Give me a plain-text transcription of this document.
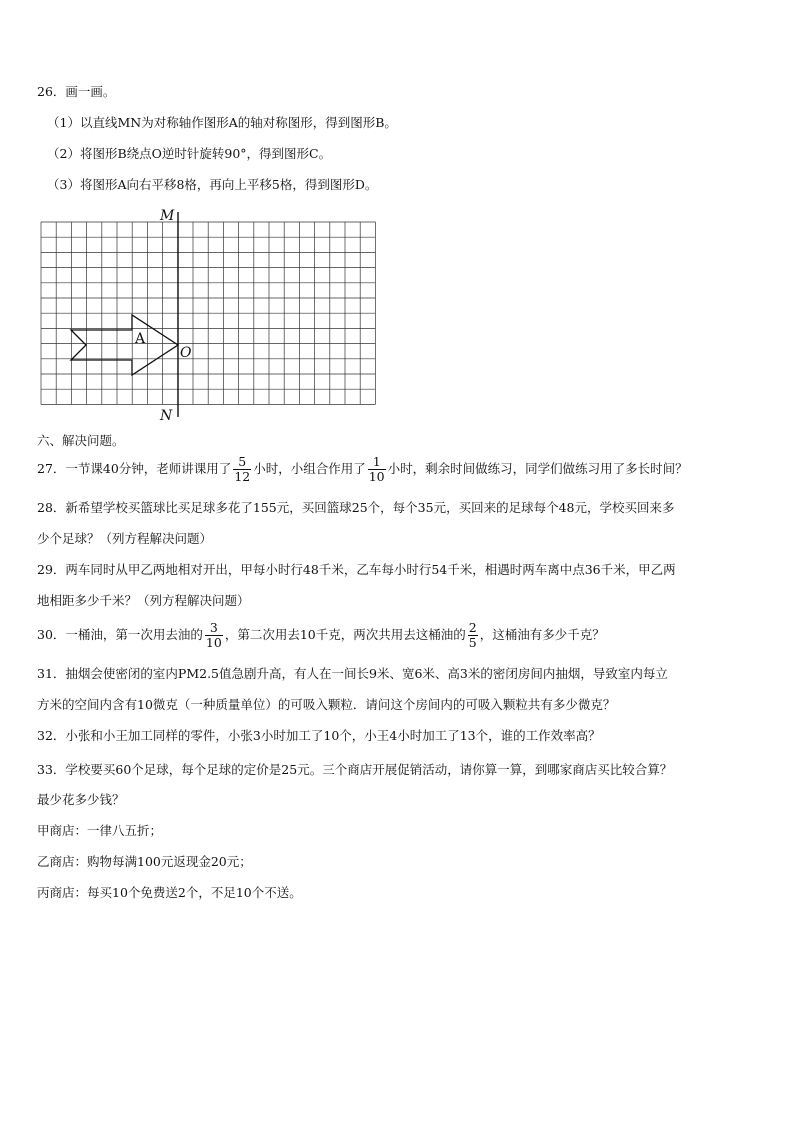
26．画一画。
（1）以直线MN为对称轴作图形A的轴对称图形，得到图形B。
（2）将图形B绕点O逆时针旋转90°，得到图形C。
（3）将图形A向右平移8格，再向上平移5格，得到图形D。
M
N
O
A
六、解决问题。
27．一节课40分钟，老师讲课用了 $\frac{5}{12}$ 小时，小组合作用了 $\frac{1}{10}$ 小时，剩余时间做练习，同学们做练习用了多长时间？
28．新希望学校买篮球比买足球多花了155元，买回篮球25个，每个35元，买回来的足球每个48元，学校买回来多
少个足球？（列方程解决问题）
29．两车同时从甲乙两地相对开出，甲每小时行48千米，乙车每小时行54千米，相遇时两车离中点36千米，甲乙两
地相距多少千米？（列方程解决问题）
30．一桶油，第一次用去油的 $\frac{3}{10}$ ，第二次用去10千克，两次共用去这桶油的 $\frac{2}{5}$ ，这桶油有多少千克？
31．抽烟会使密闭的室内PM2.5值急剧升高，有人在一间长9米、宽6米、高3米的密闭房间内抽烟，导致室内每立
方米的空间内含有10微克（一种质量单位）的可吸入颗粒．请问这个房间内的可吸入颗粒共有多少微克？
32．小张和小王加工同样的零件，小张3小时加工了10个，小王4小时加工了13个，谁的工作效率高？
33．学校要买60个足球，每个足球的定价是25元。三个商店开展促销活动，请你算一算，到哪家商店买比较合算？
最少花多少钱？
甲商店：一律八五折；
乙商店：购物每满100元返现金20元；
丙商店：每买10个免费送2个，不足10个不送。
